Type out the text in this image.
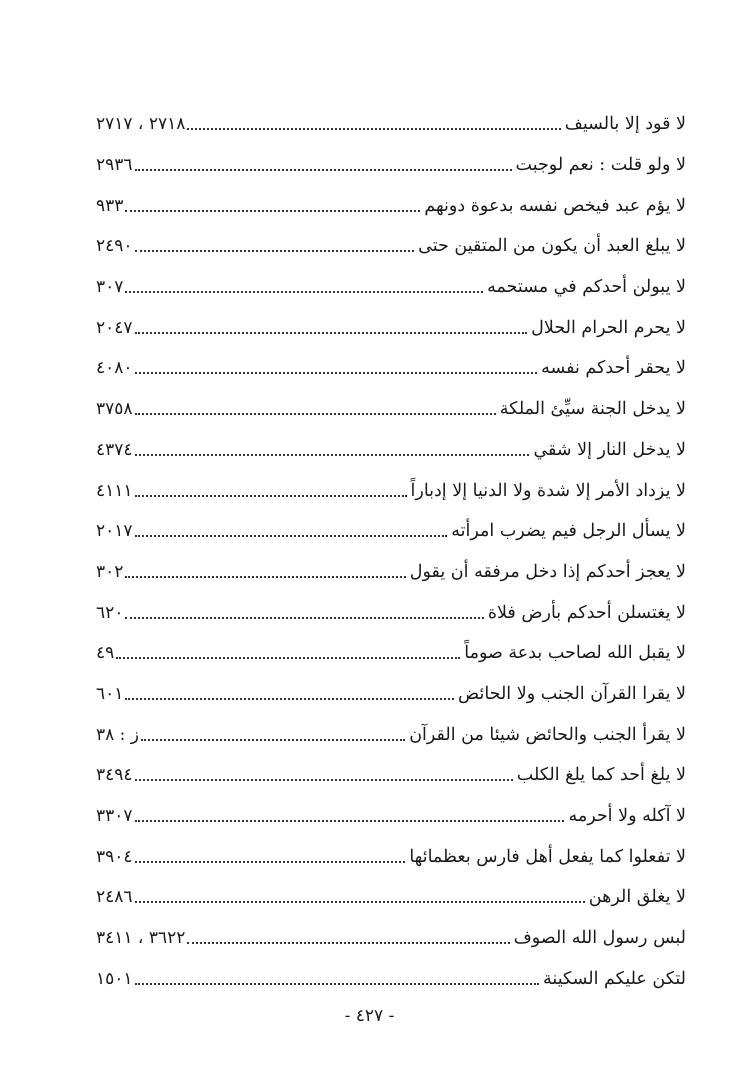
لا قود إلا بالسيف
٢٧١٨ ، ٢٧١٧
لا ولو قلت : نعم لوجبت
٢٩٣٦
لا يؤم عبد فيخص نفسه بدعوة دونهم
٩٣٣
لا يبلغ العبد أن يكون من المتقين حتى
٢٤٩٠
لا يبولن أحدكم في مستحمه
٣٠٧
لا يحرم الحرام الحلال
٢٠٤٧
لا يحقر أحدكم نفسه
٤٠٨٠
لا يدخل الجنة سيِّئ الملكة
٣٧٥٨
لا يدخل النار إلا شقي
٤٣٧٤
لا يزداد الأمر إلا شدة ولا الدنيا إلا إدباراً
٤١١١
لا يسأل الرجل فيم يضرب امرأته
٢٠١٧
لا يعجز أحدكم إذا دخل مرفقه أن يقول
٣٠٢
لا يغتسلن أحدكم بأرض فلاة
٦٢٠
لا يقبل الله لصاحب بدعة صوماً
٤٩
لا يقرا القرآن الجنب ولا الحائض
٦٠١
لا يقرأ الجنب والحائض شيئا من القرآن
ز : ٣٨
لا يلغ أحد كما يلغ الكلب
٣٤٩٤
لا آكله ولا أحرمه
٣٣٠٧
لا تفعلوا كما يفعل أهل فارس بعظمائها
٣٩٠٤
لا يغلق الرهن
٢٤٨٦
لبس رسول الله الصوف
٣٦٢٢ ، ٣٤١١
لتكن عليكم السكينة
١٥٠١
- ٤٢٧ -
